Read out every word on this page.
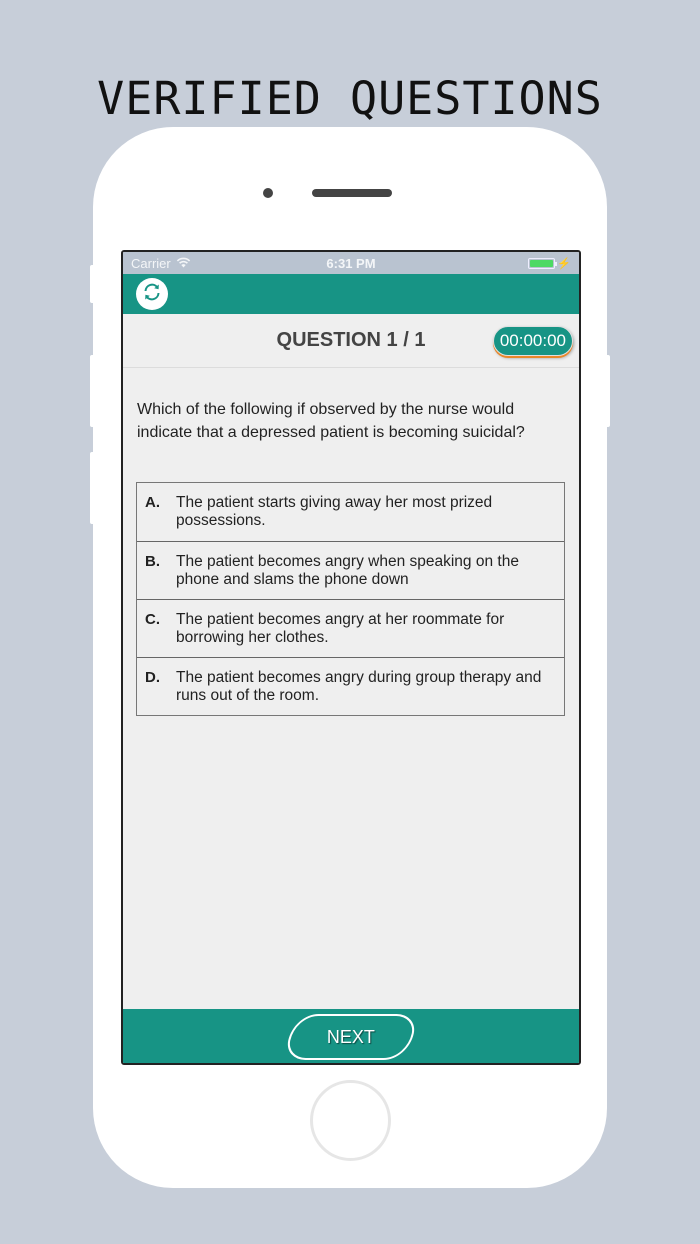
VERIFIED QUESTIONS
Carrier	6:31 PM	⚡
QUESTION 1 / 1	00:00:00
Which of the following if observed by the nurse would indicate that a depressed patient is becoming suicidal?
A.	The patient starts giving away her most prized possessions.
B.	The patient becomes angry when speaking on the phone and slams the phone down
C.	The patient becomes angry at her roommate for borrowing her clothes.
D.	The patient becomes angry during group therapy and runs out of the room.
NEXT
